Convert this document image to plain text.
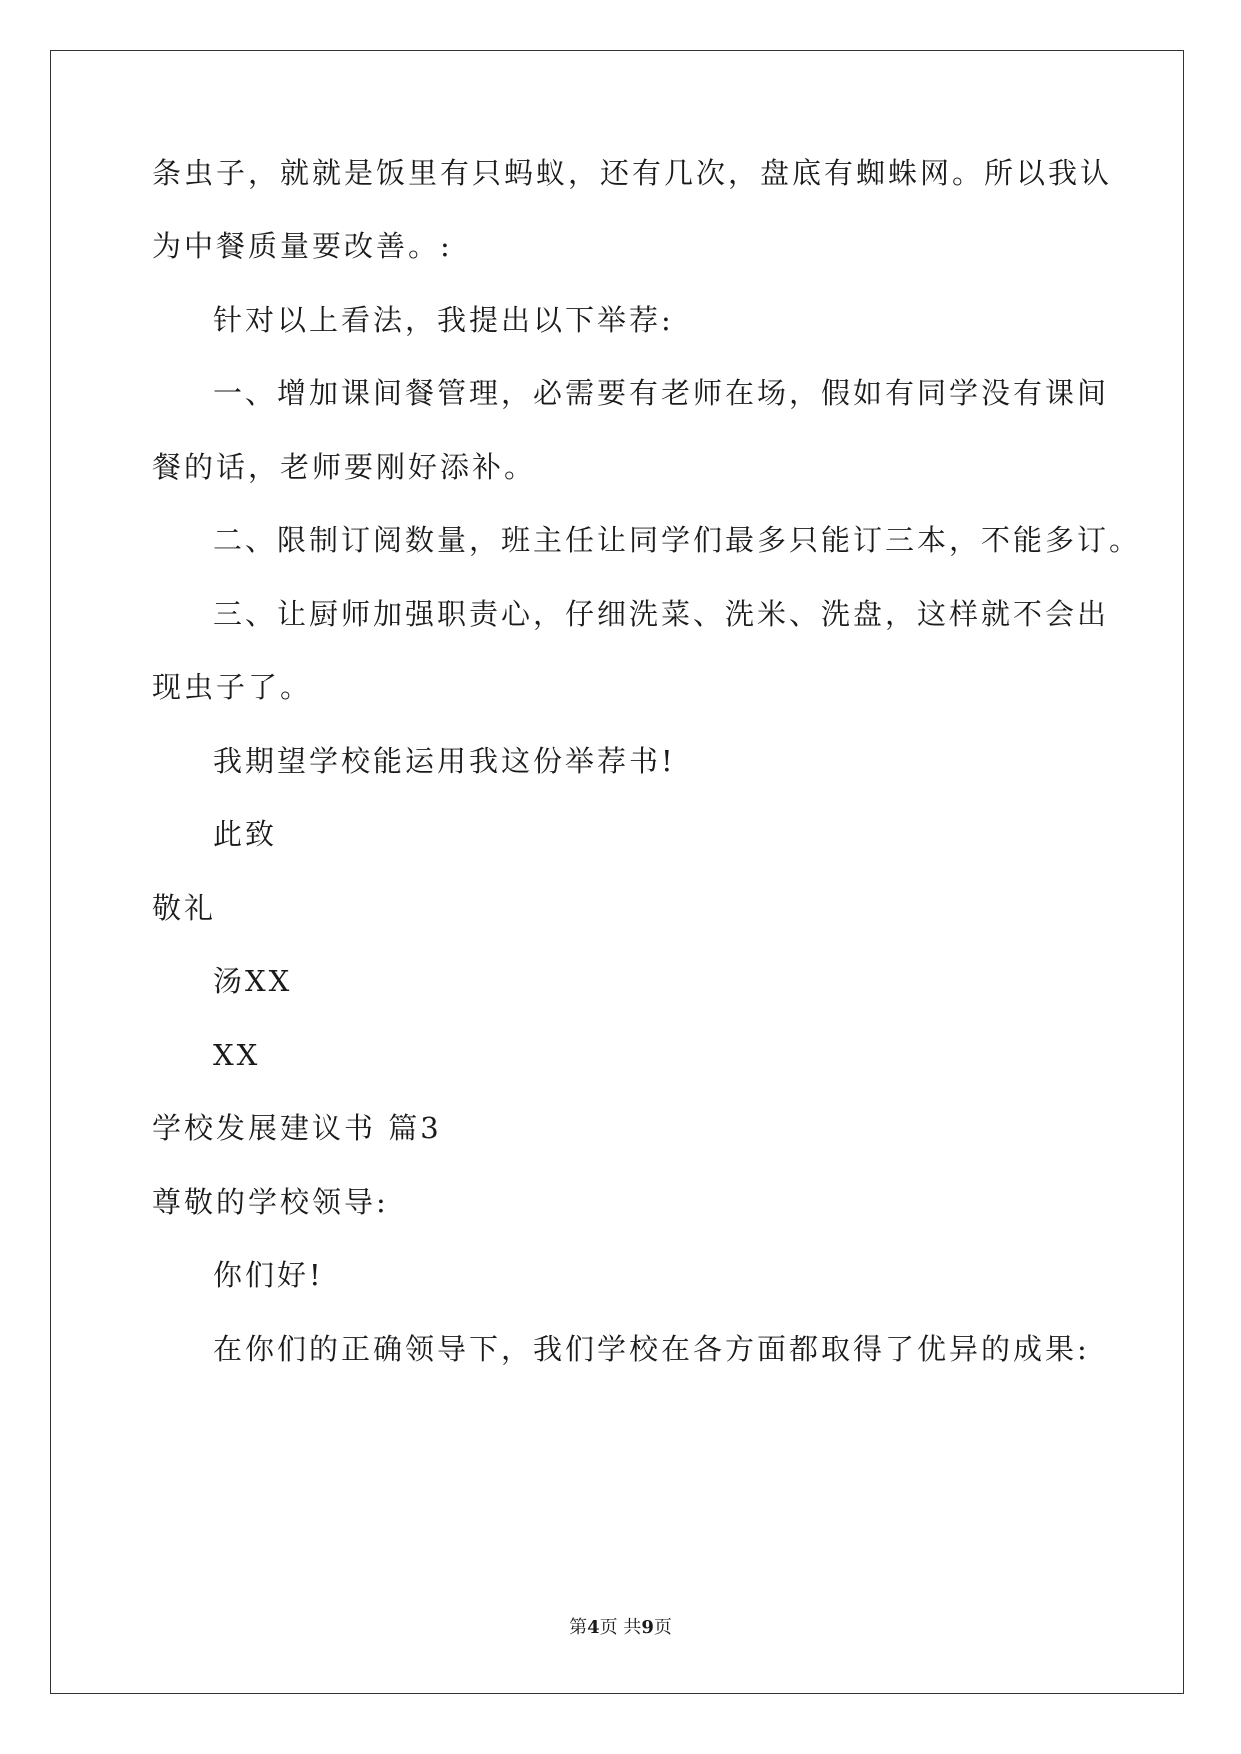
条虫子，就就是饭里有只蚂蚁，还有几次，盘底有蜘蛛网。所以我认
为中餐质量要改善。:
针对以上看法，我提出以下举荐:
一、增加课间餐管理，必需要有老师在场，假如有同学没有课间
餐的话，老师要刚好添补。
二、限制订阅数量，班主任让同学们最多只能订三本，不能多订。
三、让厨师加强职责心，仔细洗菜、洗米、洗盘，这样就不会出
现虫子了。
我期望学校能运用我这份举荐书!
此致
敬礼
汤XX
XX
学校发展建议书 篇3
尊敬的学校领导:
你们好!
在你们的正确领导下，我们学校在各方面都取得了优异的成果:
第4页 共9页
